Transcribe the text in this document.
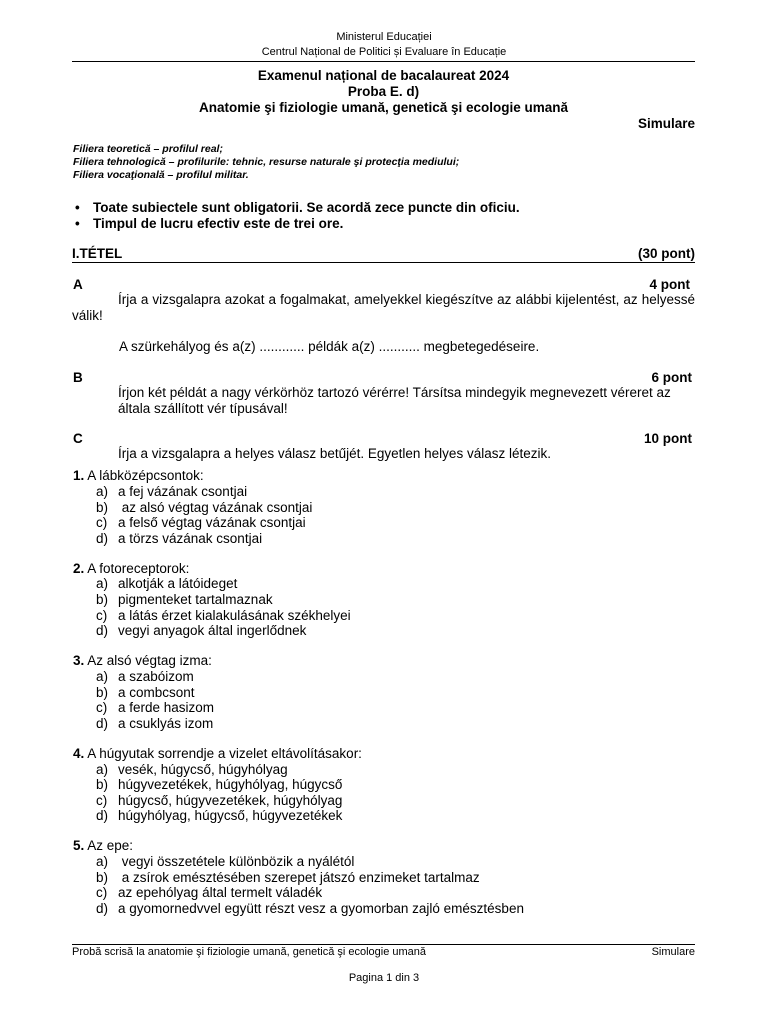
Ministerul Educației
Centrul Național de Politici și Evaluare în Educație
Examenul național de bacalaureat 2024
Proba E. d)
Anatomie şi fiziologie umană, genetică şi ecologie umană
Simulare
Filiera teoretică – profilul real;
Filiera tehnologică – profilurile: tehnic, resurse naturale şi protecţia mediului;
Filiera vocaţională – profilul militar.
• Toate subiectele sunt obligatorii. Se acordă zece puncte din oficiu.
• Timpul de lucru efectiv este de trei ore.
I.TÉTEL	(30 pont)
A	4 pont
Írja a vizsgalapra azokat a fogalmakat, amelyekkel kiegészítve az alábbi kijelentést, az helyessé válik!
A szürkehályog és a(z) ............ példák a(z) ........... megbetegedéseire.
B	6 pont
Írjon két példát a nagy vérkörhöz tartozó vérérre! Társítsa mindegyik megnevezett véreret az
általa szállított vér típusával!
C	10 pont
Írja a vizsgalapra a helyes válasz betűjét. Egyetlen helyes válasz létezik.
1. A lábközépcsontok:
a) a fej vázának csontjai
b) az alsó végtag vázának csontjai
c) a felső végtag vázának csontjai
d) a törzs vázának csontjai
2. A fotoreceptorok:
a) alkotják a látóideget
b) pigmenteket tartalmaznak
c) a látás érzet kialakulásának székhelyei
d) vegyi anyagok által ingerlődnek
3. Az alsó végtag izma:
a) a szabóizom
b) a combcsont
c) a ferde hasizom
d) a csuklyás izom
4. A húgyutak sorrendje a vizelet eltávolításakor:
a) vesék, húgycső, húgyhólyag
b) húgyvezetékek, húgyhólyag, húgycső
c) húgycső, húgyvezetékek, húgyhólyag
d) húgyhólyag, húgycső, húgyvezetékek
5. Az epe:
a) vegyi összetétele különbözik a nyálétól
b) a zsírok emésztésében szerepet játszó enzimeket tartalmaz
c) az epehólyag által termelt váladék
d) a gyomornedvvel együtt részt vesz a gyomorban zajló emésztésben
Probă scrisă la anatomie şi fiziologie umană, genetică şi ecologie umană	Simulare
Pagina 1 din 3
